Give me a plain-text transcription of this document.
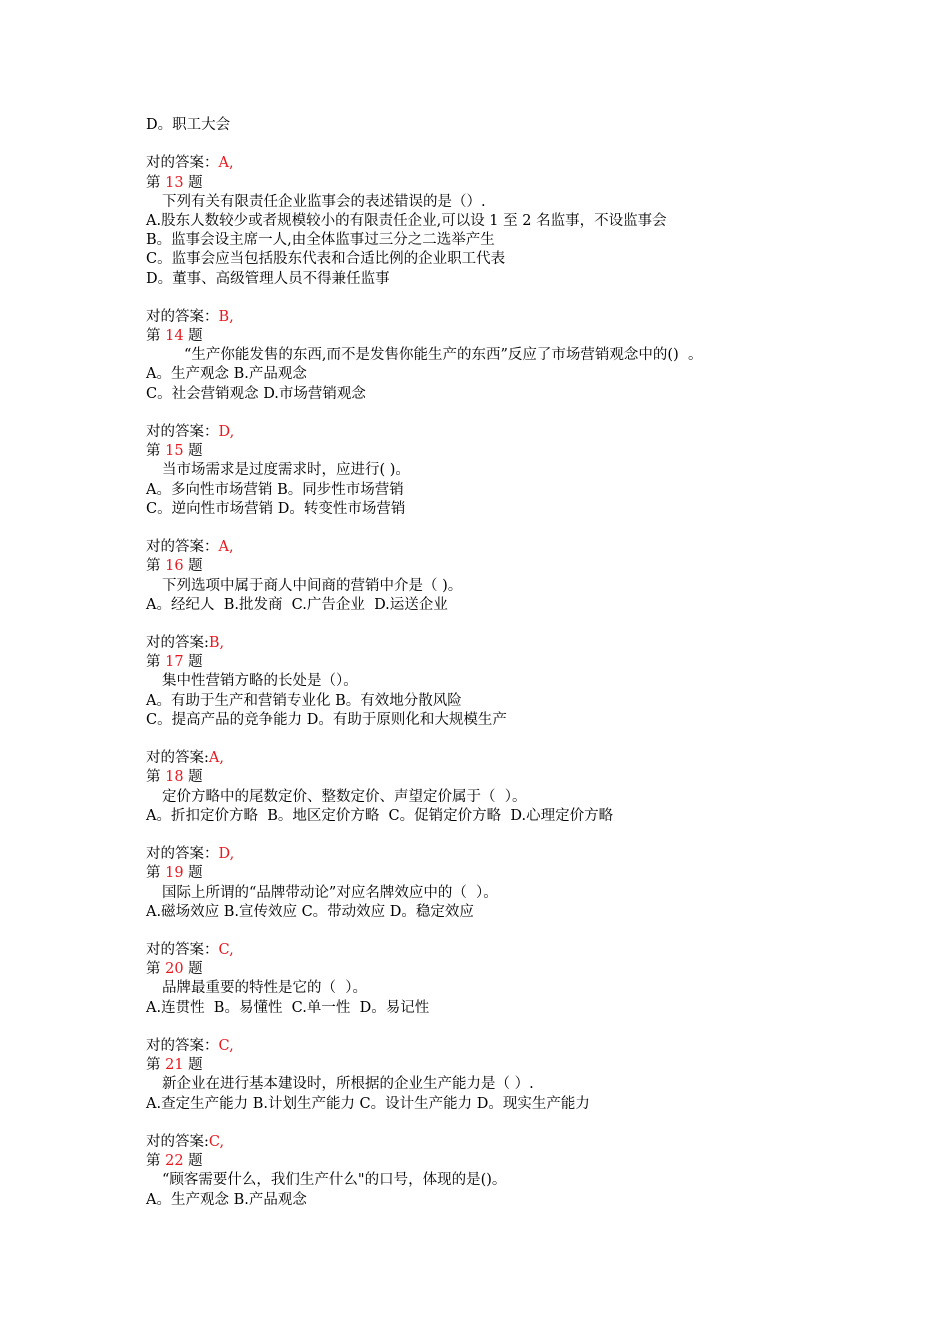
D。职工大会
对的答案：A,
第 13 题
下列有关有限责任企业监事会的表述错误的是（）.
A.股东人数较少或者规模较小的有限责任企业,可以设 1 至 2 名监事，不设监事会
B。监事会设主席一人,由全体监事过三分之二选举产生
C。监事会应当包括股东代表和合适比例的企业职工代表
D。董事、高级管理人员不得兼任监事
对的答案：B,
第 14 题
“生产你能发售的东西,而不是发售你能生产的东西”反应了市场营销观念中的()  。
A。生产观念 B.产品观念
C。社会营销观念 D.市场营销观念
对的答案：D,
第 15 题
当市场需求是过度需求时，应进行( )。
A。多向性市场营销 B。同步性市场营销
C。逆向性市场营销 D。转变性市场营销
对的答案：A,
第 16 题
下列选项中属于商人中间商的营销中介是（ )。
A。经纪人  B.批发商  C.广告企业  D.运送企业
对的答案:B,
第 17 题
集中性营销方略的长处是（）。
A。有助于生产和营销专业化 B。有效地分散风险
C。提高产品的竞争能力 D。有助于原则化和大规模生产
对的答案:A,
第 18 题
定价方略中的尾数定价、整数定价、声望定价属于（  ）。
A。折扣定价方略  B。地区定价方略  C。促销定价方略  D.心理定价方略
对的答案：D,
第 19 题
国际上所谓的“品牌带动论”对应名牌效应中的（  ）。
A.磁场效应 B.宣传效应 C。带动效应 D。稳定效应
对的答案：C,
第 20 题
品牌最重要的特性是它的（  ）。
A.连贯性  B。易懂性  C.单一性  D。易记性
对的答案：C,
第 21 题
新企业在进行基本建设时，所根据的企业生产能力是（ ）.
A.查定生产能力 B.计划生产能力 C。设计生产能力 D。现实生产能力
对的答案:C,
第 22 题
“顾客需要什么，我们生产什么"的口号，体现的是()。
A。生产观念 B.产品观念
